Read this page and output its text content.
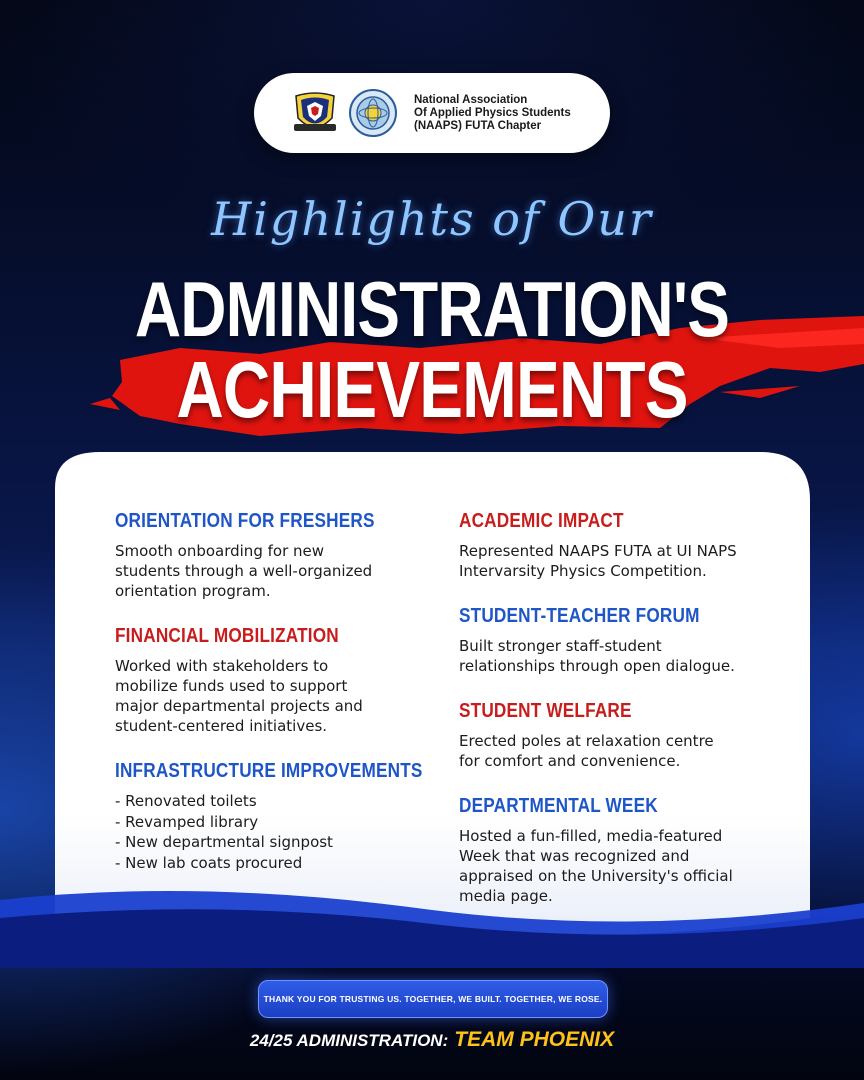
National Association
Of Applied Physics Students
(NAAPS) FUTA Chapter
Highlights of Our
ADMINISTRATION'S
ACHIEVEMENTS
ORIENTATION FOR FRESHERS
Smooth onboarding for new
students through a well-organized
orientation program.
FINANCIAL MOBILIZATION
Worked with stakeholders to
mobilize funds used to support
major departmental projects and
student-centered initiatives.
INFRASTRUCTURE IMPROVEMENTS
- Renovated toilets
- Revamped library
- New departmental signpost
- New lab coats procured
ACADEMIC IMPACT
Represented NAAPS FUTA at UI NAPS
Intervarsity Physics Competition.
STUDENT-TEACHER FORUM
Built stronger staff-student
relationships through open dialogue.
STUDENT WELFARE
Erected poles at relaxation centre
for comfort and convenience.
DEPARTMENTAL WEEK
Hosted a fun-filled, media-featured
Week that was recognized and
appraised on the University's official
media page.
THANK YOU FOR TRUSTING US. TOGETHER, WE BUILT. TOGETHER, WE ROSE.
24/25 ADMINISTRATION: TEAM PHOENIX
